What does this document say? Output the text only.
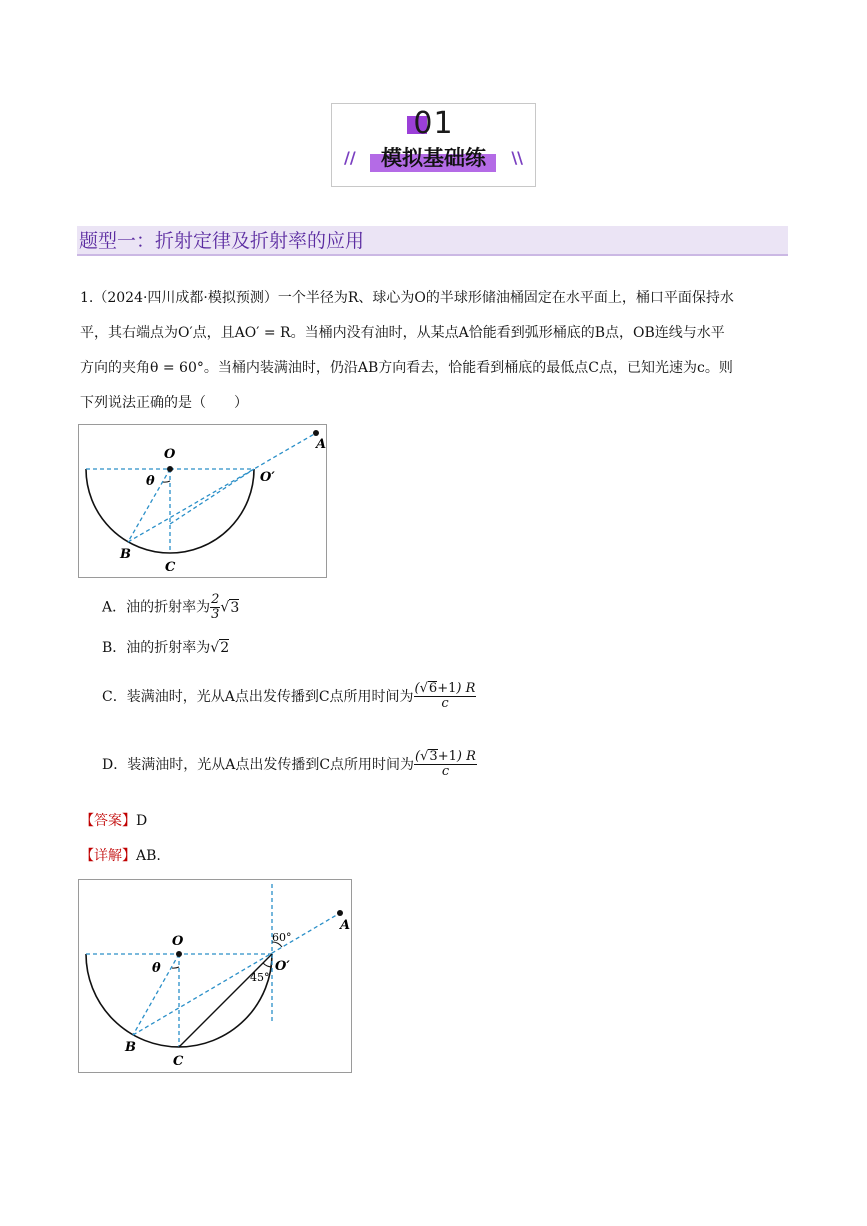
01
//	模拟基础练	\\
题型一：折射定律及折射率的应用
1.（2024·四川成都·模拟预测）一个半径为R、球心为O的半球形储油桶固定在水平面上，桶口平面保持水
平，其右端点为O′点，且AO′ = R。当桶内没有油时，从某点A恰能看到弧形桶底的B点，OB连线与水平
方向的夹角θ = 60°。当桶内装满油时，仍沿AB方向看去，恰能看到桶底的最低点C点，已知光速为c。则
下列说法正确的是（　　）
A
O
O′
θ
B
C
A．油的折射率为 $\frac{2}{3} √3$
B．油的折射率为√2
C．装满油时，光从A点出发传播到C点所用时间为 $\frac{(√6+1) R}{c}$
D．装满油时，光从A点出发传播到C点所用时间为 $\frac{(√3+1) R}{c}$
【答案】D
【详解】AB.
A
O
O′
θ
B
C
60°
45°
